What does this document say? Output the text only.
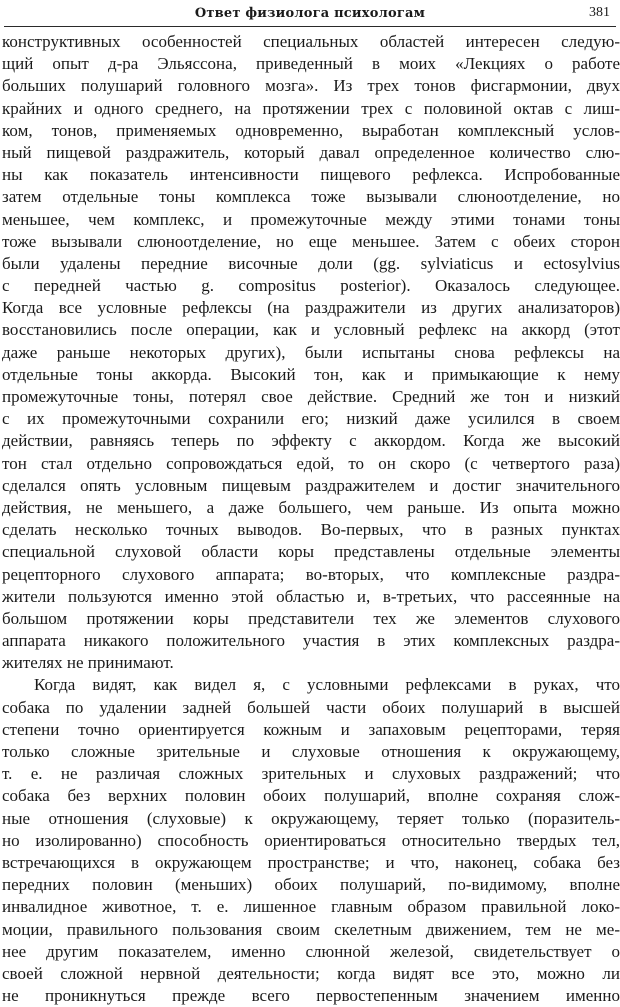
Ответ физиолога психологам	381
конструктивных особенностей специальных областей интересен следую-
щий опыт д-ра Эльяссона, приведенный в моих «Лекциях о работе
больших полушарий головного мозга». Из трех тонов фисгармонии, двух
крайних и одного среднего, на протяжении трех с половиной октав с лиш-
ком, тонов, применяемых одновременно, выработан комплексный услов-
ный пищевой раздражитель, который давал определенное количество слю-
ны как показатель интенсивности пищевого рефлекса. Испробованные
затем отдельные тоны комплекса тоже вызывали слюноотделение, но
меньшее, чем комплекс, и промежуточные между этими тонами тоны
тоже вызывали слюноотделение, но еще меньшее. Затем с обеих сторон
были удалены передние височные доли (gg. sylviaticus и ectosylvius
с передней частью g. compositus posterior). Оказалось следующее.
Когда все условные рефлексы (на раздражители из других анализаторов)
восстановились после операции, как и условный рефлекс на аккорд (этот
даже раньше некоторых других), были испытаны снова рефлексы на
отдельные тоны аккорда. Высокий тон, как и примыкающие к нему
промежуточные тоны, потерял свое действие. Средний же тон и низкий
с их промежуточными сохранили его; низкий даже усилился в своем
действии, равняясь теперь по эффекту с аккордом. Когда же высокий
тон стал отдельно сопровождаться едой, то он скоро (с четвертого раза)
сделался опять условным пищевым раздражителем и достиг значительного
действия, не меньшего, а даже большего, чем раньше. Из опыта можно
сделать несколько точных выводов. Во-первых, что в разных пунктах
специальной слуховой области коры представлены отдельные элементы
рецепторного слухового аппарата; во-вторых, что комплексные раздра-
жители пользуются именно этой областью и, в-третьих, что рассеянные на
большом протяжении коры представители тех же элементов слухового
аппарата никакого положительного участия в этих комплексных раздра-
жителях не принимают.
Когда видят, как видел я, с условными рефлексами в руках, что
собака по удалении задней большей части обоих полушарий в высшей
степени точно ориентируется кожным и запаховым рецепторами, теряя
только сложные зрительные и слуховые отношения к окружающему,
т. е. не различая сложных зрительных и слуховых раздражений; что
собака без верхних половин обоих полушарий, вполне сохраняя слож-
ные отношения (слуховые) к окружающему, теряет только (поразитель-
но изолированно) способность ориентироваться относительно твердых тел,
встречающихся в окружающем пространстве; и что, наконец, собака без
передних половин (меньших) обоих полушарий, по-видимому, вполне
инвалидное животное, т. е. лишенное главным образом правильной локо-
моции, правильного пользования своим скелетным движением, тем не ме-
нее другим показателем, именно слюнной железой, свидетельствует о
своей сложной нервной деятельности; когда видят все это, можно ли
не проникнуться прежде всего первостепенным значением именно
